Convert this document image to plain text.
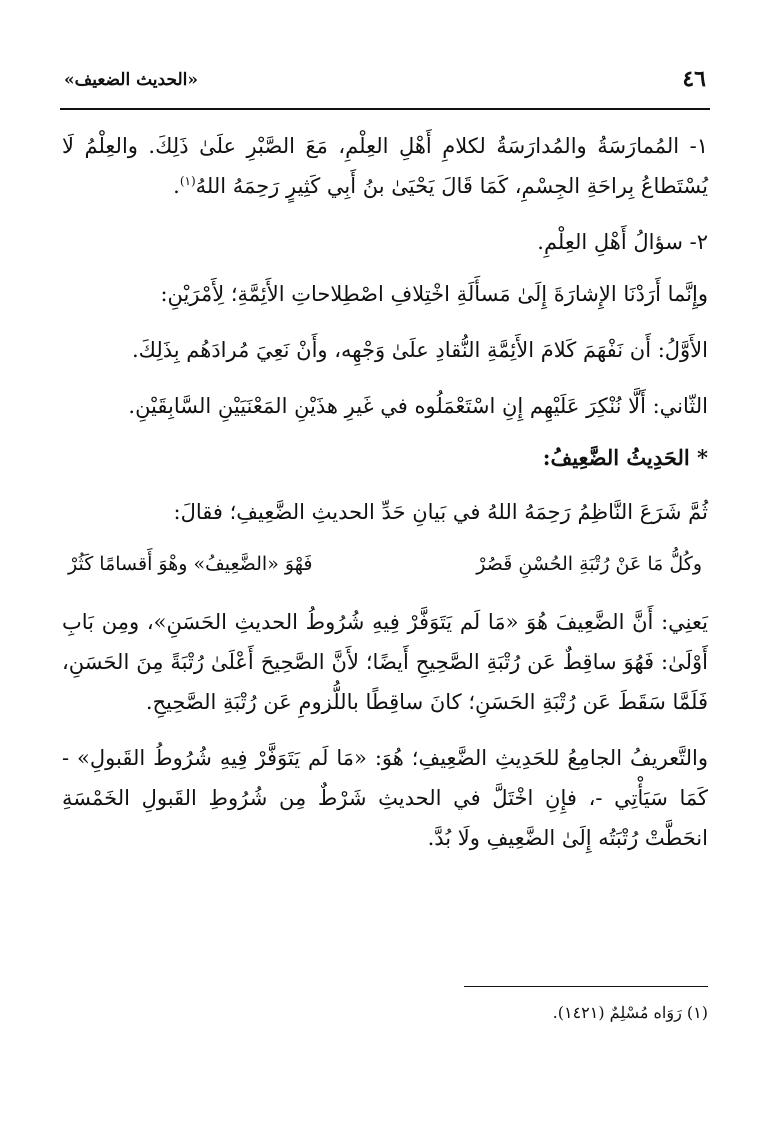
٤٦
«الحديث الضعيف»

١- المُمارَسَةُ والمُدارَسَةُ لكلامِ أَهْلِ العِلْمِ، مَعَ الصَّبْرِ علَىٰ ذَلِكَ. والعِلْمُ لَا يُسْتَطاعُ بِراحَةِ الجِسْمِ، كَمَا قَالَ يَحْيَىٰ بنُ أَبِي كَثِيرٍ رَحِمَهُ اللهُ$^{(١)}$.

٢- سؤالُ أَهْلِ العِلْمِ.

وإِنَّما أَرَدْنَا الإِشارَةَ إِلَىٰ مَسأَلَةِ اخْتِلافِ اصْطِلاحاتِ الأَئِمَّةِ؛ لِأَمْرَيْنِ:

الأَوَّلُ: أَن نَفْهَمَ كَلامَ الأَئِمَّةِ النُّقادِ علَىٰ وَجْهِه، وأَنْ نَعِيَ مُرادَهُم بِذَلِكَ.

الثّاني: أَلَّا نُنْكِرَ عَلَيْهِم إِنِ اسْتَعْمَلُوه في غَيرِ هذَيْنِ المَعْنَيَيْنِ السَّابِقَيْنِ.

* الحَدِيثُ الضَّعِيفُ:

ثُمَّ شَرَعَ النَّاظِمُ رَحِمَهُ اللهُ في بَيانِ حَدِّ الحديثِ الضَّعِيفِ؛ فقالَ:

وكُلُّ مَا عَنْ رُتْبَةِ الحُسْنِ قَصُرْ
فَهْوَ «الضَّعِيفُ» وهْوَ أَقسامًا كَثُرْ

يَعنِي: أَنَّ الضَّعِيفَ هُوَ «مَا لَم يَتَوَفَّرْ فِيهِ شُرُوطُ الحديثِ الحَسَنِ»، ومِن بَابِ أَوْلَىٰ: فَهُوَ ساقِطٌ عَن رُتْبَةِ الصَّحِيحِ أَيضًا؛ لأَنَّ الصَّحِيحَ أَعْلَىٰ رُتْبَةً مِنَ الحَسَنِ، فَلَمَّا سَقَطَ عَن رُتْبَةِ الحَسَنِ؛ كانَ ساقِطًا باللُّزومِ عَن رُتْبَةِ الصَّحِيحِ.

والتَّعريفُ الجامِعُ للحَدِيثِ الضَّعِيفِ؛ هُوَ: «مَا لَم يَتَوَفَّرْ فِيهِ شُرُوطُ القَبولِ» - كَمَا سَيَأْتِي -، فإِنِ اخْتَلَّ في الحديثِ شَرْطٌ مِن شُرُوطِ القَبولِ الخَمْسَةِ انحَطَّتْ رُتْبَتُه إِلَىٰ الضَّعِيفِ ولَا بُدَّ.

(١) رَوَاه مُسْلِمٌ (١٤٢١).
